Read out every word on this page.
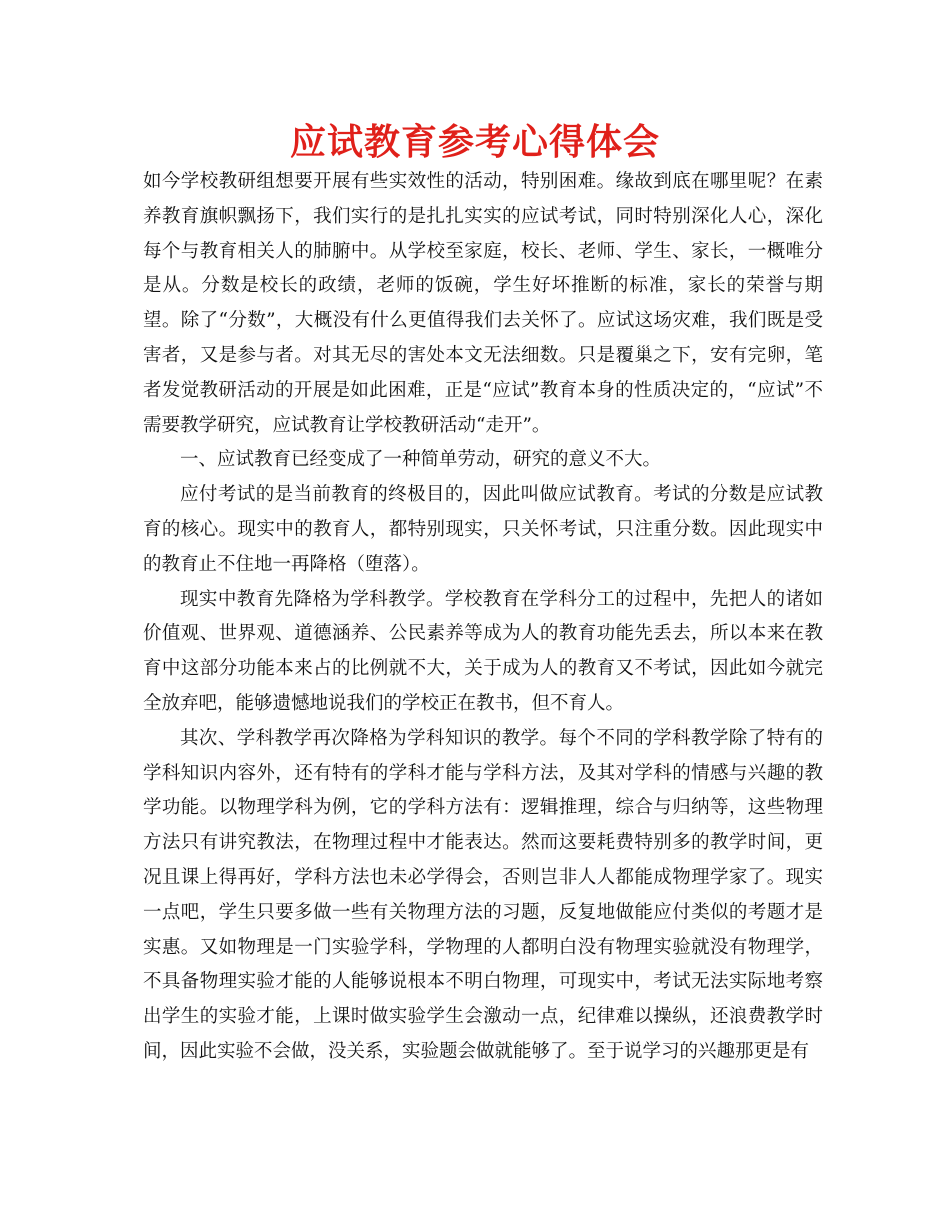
应试教育参考心得体会

如今学校教研组想要开展有些实效性的活动，特别困难。缘故到底在哪里呢？在素养教育旗帜飘扬下，我们实行的是扎扎实实的应试考试，同时特别深化人心，深化每个与教育相关人的肺腑中。从学校至家庭，校长、老师、学生、家长，一概唯分是从。分数是校长的政绩，老师的饭碗，学生好坏推断的标准，家长的荣誉与期望。除了“分数”，大概没有什么更值得我们去关怀了。应试这场灾难，我们既是受害者，又是参与者。对其无尽的害处本文无法细数。只是覆巢之下，安有完卵，笔者发觉教研活动的开展是如此困难，正是“应试”教育本身的性质决定的，“应试”不需要教学研究，应试教育让学校教研活动“走开”。

一、应试教育已经变成了一种简单劳动，研究的意义不大。

应付考试的是当前教育的终极目的，因此叫做应试教育。考试的分数是应试教育的核心。现实中的教育人，都特别现实，只关怀考试，只注重分数。因此现实中的教育止不住地一再降格（堕落）。

现实中教育先降格为学科教学。学校教育在学科分工的过程中，先把人的诸如价值观、世界观、道德涵养、公民素养等成为人的教育功能先丢去，所以本来在教育中这部分功能本来占的比例就不大，关于成为人的教育又不考试，因此如今就完全放弃吧，能够遗憾地说我们的学校正在教书，但不育人。

其次、学科教学再次降格为学科知识的教学。每个不同的学科教学除了特有的学科知识内容外，还有特有的学科才能与学科方法，及其对学科的情感与兴趣的教学功能。以物理学科为例，它的学科方法有：逻辑推理，综合与归纳等，这些物理方法只有讲究教法，在物理过程中才能表达。然而这要耗费特别多的教学时间，更况且课上得再好，学科方法也未必学得会，否则岂非人人都能成物理学家了。现实一点吧，学生只要多做一些有关物理方法的习题，反复地做能应付类似的考题才是实惠。又如物理是一门实验学科，学物理的人都明白没有物理实验就没有物理学，不具备物理实验才能的人能够说根本不明白物理，可现实中，考试无法实际地考察出学生的实验才能，上课时做实验学生会激动一点，纪律难以操纵，还浪费教学时间，因此实验不会做，没关系，实验题会做就能够了。至于说学习的兴趣那更是有
